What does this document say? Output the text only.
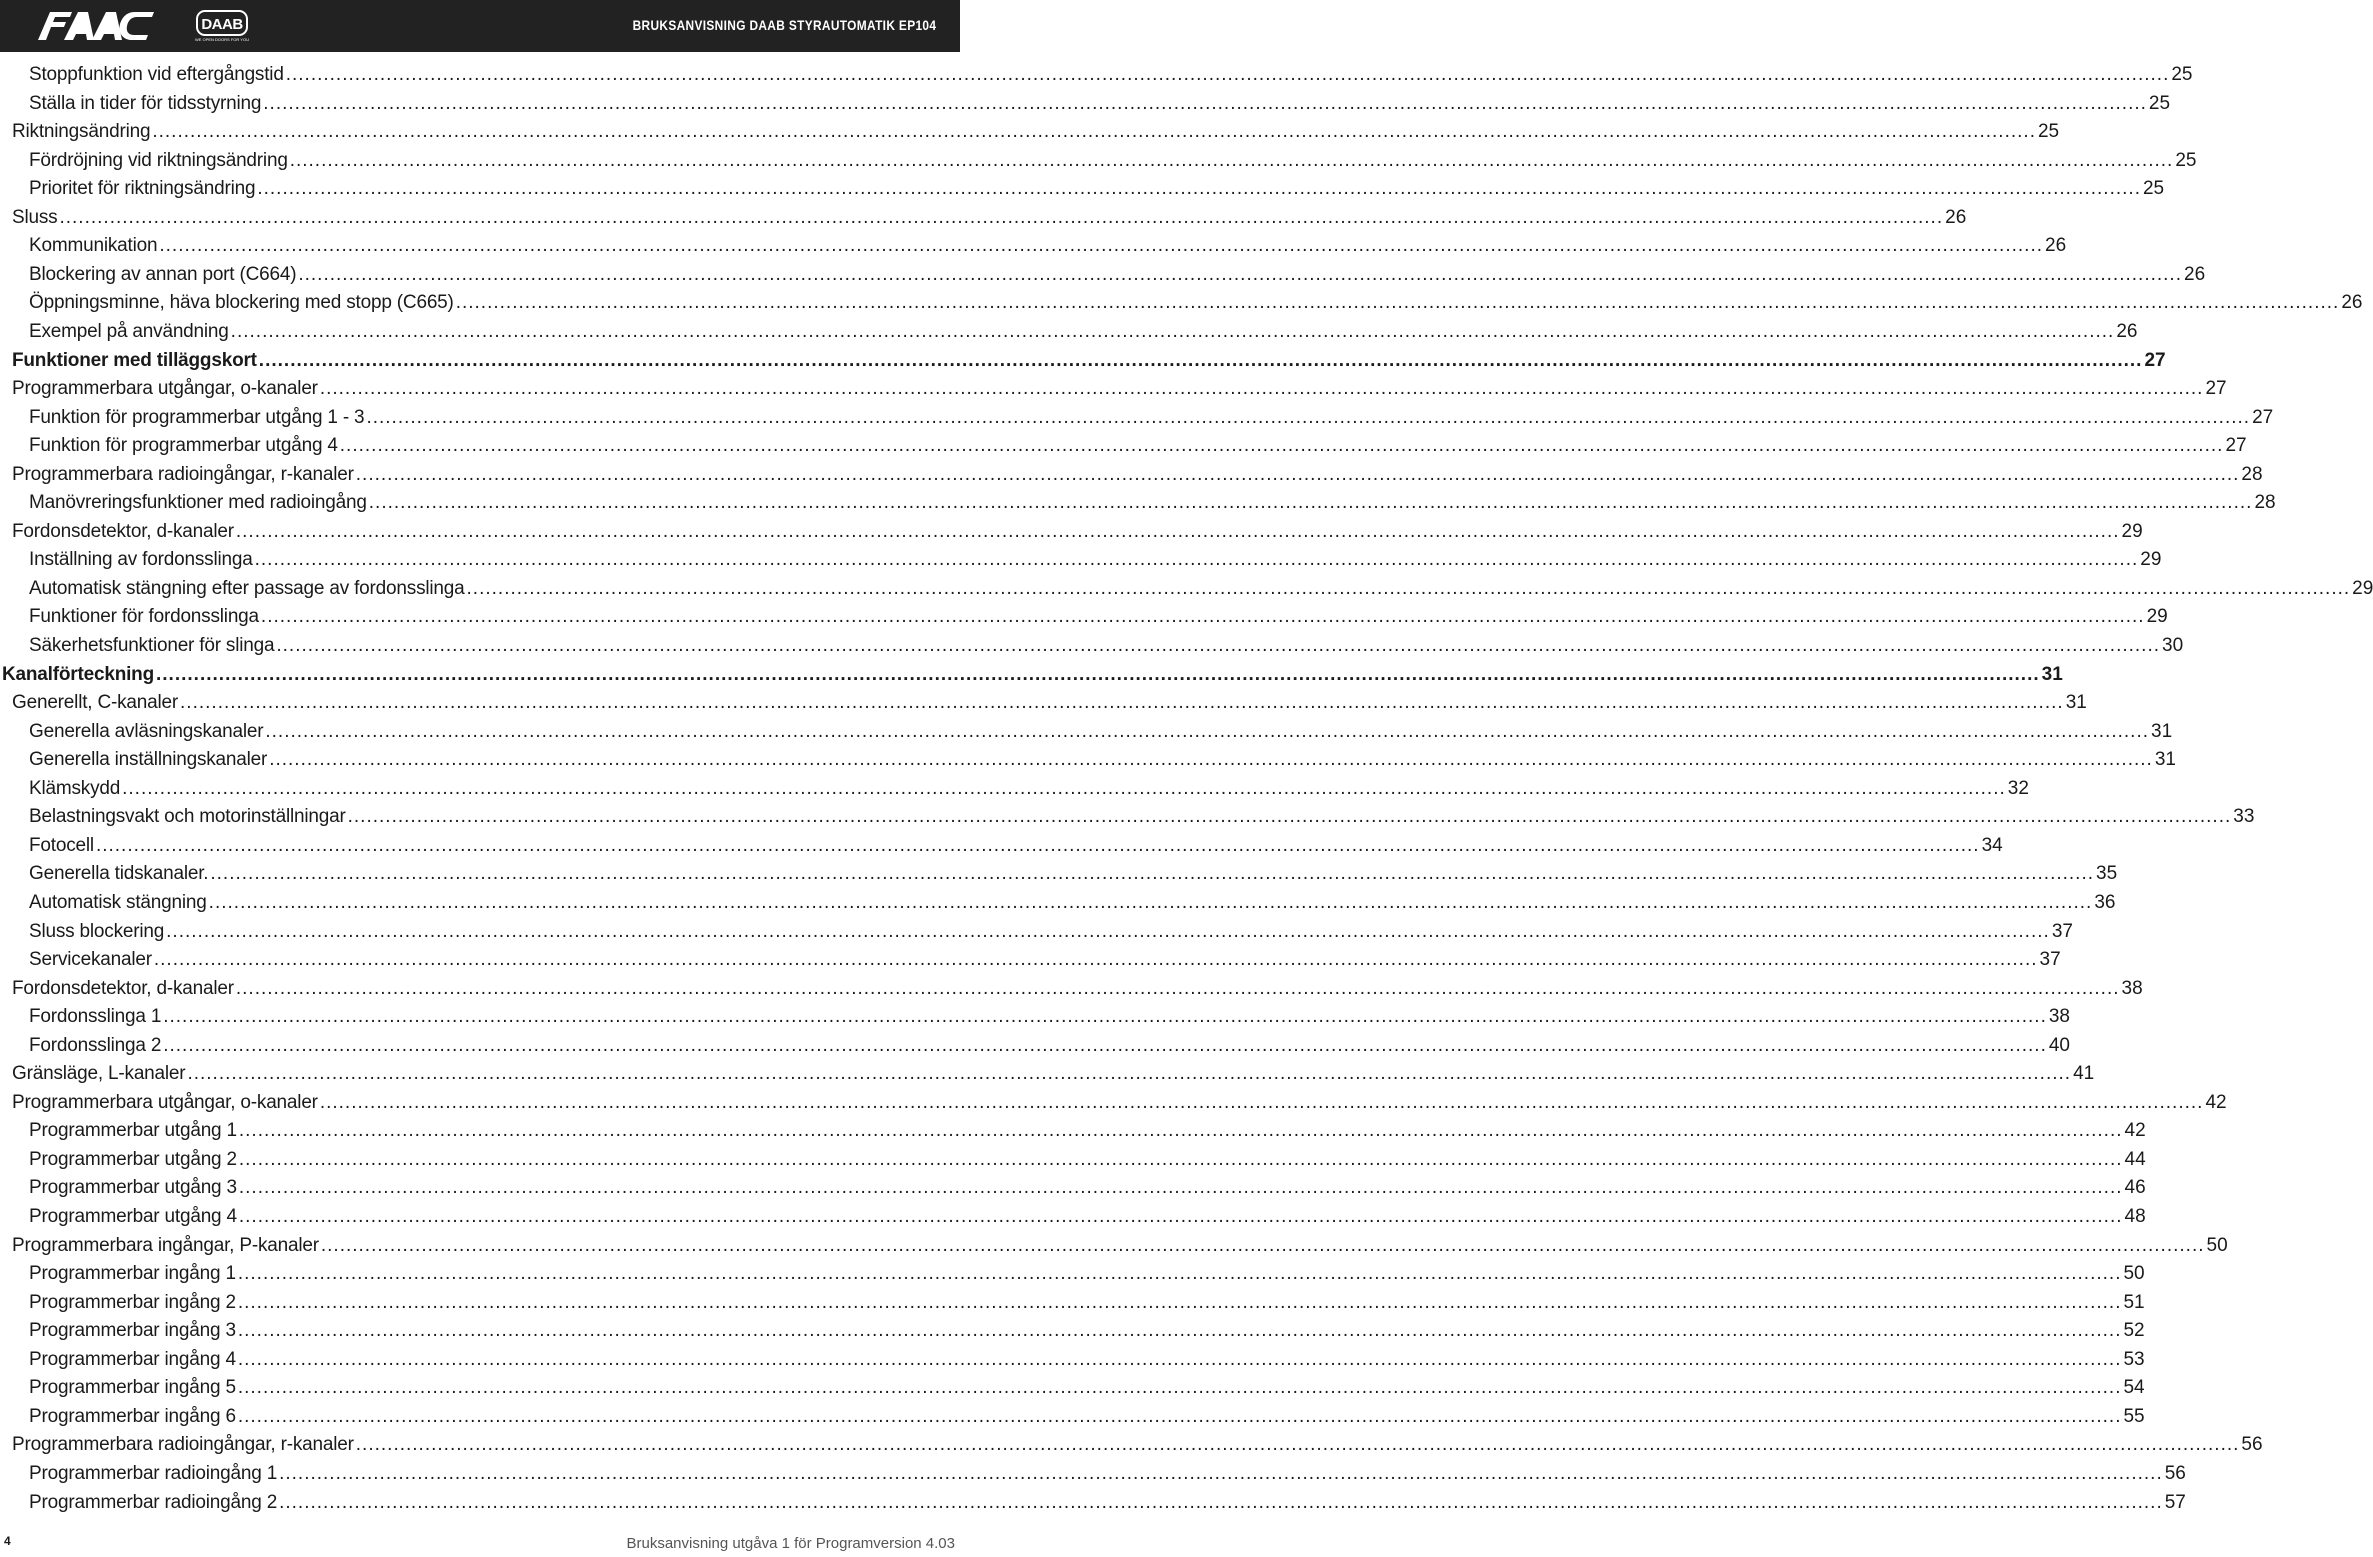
DAAB
WE OPEN DOORS FOR YOU
BRUKSANVISNING DAAB STYRAUTOMATIK EP104
Stoppfunktion vid eftergångstid ............................................................................................................................................................................................................................................................................................................ 25
Ställa in tider för tidsstyrning ............................................................................................................................................................................................................................................................................................................ 25
Riktningsändring ............................................................................................................................................................................................................................................................................................................ 25
Fördröjning vid riktningsändring ............................................................................................................................................................................................................................................................................................................ 25
Prioritet för riktningsändring ............................................................................................................................................................................................................................................................................................................ 25
Sluss ............................................................................................................................................................................................................................................................................................................ 26
Kommunikation ............................................................................................................................................................................................................................................................................................................ 26
Blockering av annan port (C664) ............................................................................................................................................................................................................................................................................................................ 26
Öppningsminne, häva blockering med stopp (C665) ............................................................................................................................................................................................................................................................................................................ 26
Exempel på användning ............................................................................................................................................................................................................................................................................................................ 26
Funktioner med tilläggskort ............................................................................................................................................................................................................................................................................................................ 27
Programmerbara utgångar, o-kanaler ............................................................................................................................................................................................................................................................................................................ 27
Funktion för programmerbar utgång 1 - 3 ............................................................................................................................................................................................................................................................................................................ 27
Funktion för programmerbar utgång 4 ............................................................................................................................................................................................................................................................................................................ 27
Programmerbara radioingångar, r-kanaler ............................................................................................................................................................................................................................................................................................................ 28
Manövreringsfunktioner med radioingång ............................................................................................................................................................................................................................................................................................................ 28
Fordonsdetektor, d-kanaler ............................................................................................................................................................................................................................................................................................................ 29
Inställning av fordonsslinga ............................................................................................................................................................................................................................................................................................................ 29
Automatisk stängning efter passage av fordonsslinga ............................................................................................................................................................................................................................................................................................................ 29
Funktioner för fordonsslinga ............................................................................................................................................................................................................................................................................................................ 29
Säkerhetsfunktioner för slinga ............................................................................................................................................................................................................................................................................................................ 30
Kanalförteckning ............................................................................................................................................................................................................................................................................................................ 31
Generellt, C-kanaler ............................................................................................................................................................................................................................................................................................................ 31
Generella avläsningskanaler ............................................................................................................................................................................................................................................................................................................ 31
Generella inställningskanaler ............................................................................................................................................................................................................................................................................................................ 31
Klämskydd ............................................................................................................................................................................................................................................................................................................ 32
Belastningsvakt och motorinställningar ............................................................................................................................................................................................................................................................................................................ 33
Fotocell ............................................................................................................................................................................................................................................................................................................ 34
Generella tidskanaler. ............................................................................................................................................................................................................................................................................................................ 35
Automatisk stängning ............................................................................................................................................................................................................................................................................................................ 36
Sluss blockering ............................................................................................................................................................................................................................................................................................................ 37
Servicekanaler ............................................................................................................................................................................................................................................................................................................ 37
Fordonsdetektor, d-kanaler ............................................................................................................................................................................................................................................................................................................ 38
Fordonsslinga 1 ............................................................................................................................................................................................................................................................................................................ 38
Fordonsslinga 2 ............................................................................................................................................................................................................................................................................................................ 40
Gränsläge, L-kanaler ............................................................................................................................................................................................................................................................................................................ 41
Programmerbara utgångar, o-kanaler ............................................................................................................................................................................................................................................................................................................ 42
Programmerbar utgång 1 ............................................................................................................................................................................................................................................................................................................ 42
Programmerbar utgång 2 ............................................................................................................................................................................................................................................................................................................ 44
Programmerbar utgång 3 ............................................................................................................................................................................................................................................................................................................ 46
Programmerbar utgång 4 ............................................................................................................................................................................................................................................................................................................ 48
Programmerbara ingångar, P-kanaler ............................................................................................................................................................................................................................................................................................................ 50
Programmerbar ingång 1 ............................................................................................................................................................................................................................................................................................................ 50
Programmerbar ingång 2 ............................................................................................................................................................................................................................................................................................................ 51
Programmerbar ingång 3 ............................................................................................................................................................................................................................................................................................................ 52
Programmerbar ingång 4 ............................................................................................................................................................................................................................................................................................................ 53
Programmerbar ingång 5 ............................................................................................................................................................................................................................................................................................................ 54
Programmerbar ingång 6 ............................................................................................................................................................................................................................................................................................................ 55
Programmerbara radioingångar, r-kanaler ............................................................................................................................................................................................................................................................................................................ 56
Programmerbar radioingång 1 ............................................................................................................................................................................................................................................................................................................ 56
Programmerbar radioingång 2 ............................................................................................................................................................................................................................................................................................................ 57
4	Bruksanvisning utgåva 1 för Programversion 4.03
